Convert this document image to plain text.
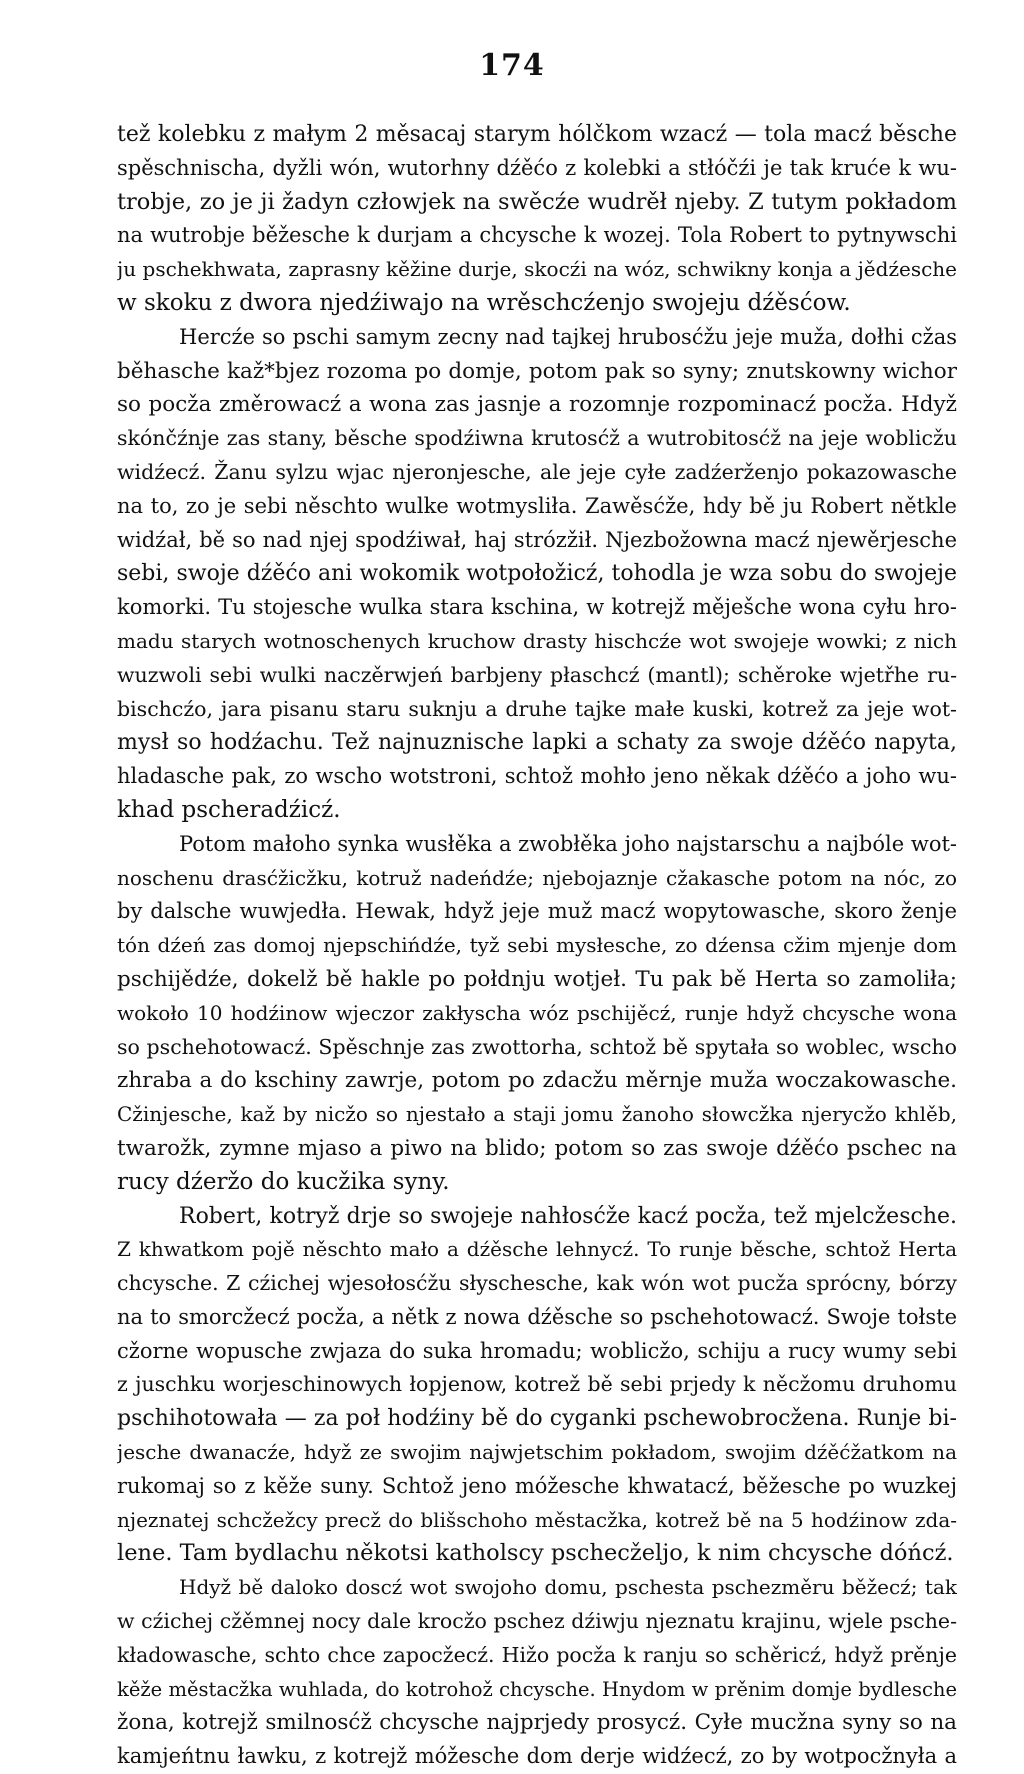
174
tež kolebku z małym 2 měsacaj starym hólčkom wzacź — tola macź běsche
spěschnischa, dyžli wón, wutorhny dźěćo z kolebki a stłóčźi je tak kruće k wu-
trobje, zo je ji žadyn człowjek na swěcźe wudrěł njeby. Z tutym pokładom
na wutrobje běžesche k durjam a chcysche k wozej. Tola Robert to pytnywschi
ju pschekhwata, zaprasny kěžine durje, skocźi na wóz, schwikny konja a jědźesche
w skoku z dwora njedźiwajo na wrěschcźenjo swojeju dźěsćow.
Hercźe so pschi samym zecny nad tajkej hrubosćžu jeje mužа, dołhi cžas
běhasche kaž*bjez rozoma po domje, potom pak so syny; znutskowny wichor
so pocža změrowacź a wona zas jasnje a rozomnje rozpominacź pocža. Hdyž
skónčźnje zas stany, běsche spodźiwna krutosćž a wutrobitosćž na jeje woblicžu
widźecź. Žanu sylzu wjac njeronjesche, ale jeje cyłe zadźerženjo pokazowasche
na to, zo je sebi něschto wulke wotmysliła. Zawěsćže, hdy bě ju Robert nětkle
widźał, bě so nad njej spodźiwał, haj strózžił. Njezbožowna macź njewěrjesche
sebi, swoje dźěćo ani wokomik wotpołožicź, tohodla je wza sobu do swojeje
komorki. Tu stojesche wulka stara kschina, w kotrejž měješche wona cyłu hro-
madu starych wotnoschenych kruchow drasty hischcźe wot swojeje wowki; z nich
wuzwoli sebi wulki naczěrwjeń barbjeny płaschcź (mantl); schěroke wjetřhe ru-
bischcźo, jara pisanu staru suknju a druhe tajke małe kuski, kotrež za jeje wot-
mysł so hodźachu. Tež najnuznische lapki a schaty za swoje dźěćo napyta,
hladasche pak, zo wscho wotstroni, schtož mohło jeno někak dźěćo a joho wu-
khad pscheradźicź.
Potom małoho synka wusłěka a zwobłěka joho najstarschu a najbóle wot-
noschenu drasćžicžku, kotruž nadeńdźe; njebojaznje cžakasche potom na nóc, zo
by dalsche wuwjedła. Hewak, hdyž jeje muž macź wopytowasche, skoro ženje
tón dźeń zas domoj njepschińdźe, tyž sebi mysłesche, zo dźensa cžim mjenje dom
pschijědźe, dokelž bě hakle po połdnju wotjeł. Tu pak bě Herta so zamoliła;
wokoło 10 hodźinow wjeczor zakłyscha wóz pschijěcź, runje hdyž chcysche wona
so pschehotowacź. Spěschnje zas zwottorha, schtož bě spytała so woblec, wscho
zhraba a do kschiny zawrje, potom po zdacžu měrnje mužа woczakowasche.
Cžinjesche, kaž by nicžo so njestało a staji jomu žanoho słowcžka njerycžo khlěb,
twarožk, zymne mjaso a piwo na blido; potom so zas swoje dźěćo pschec na
rucy dźeržo do kucžika syny.
Robert, kotryž drje so swojeje nahłosćže kacź pocža, tež mjelcžesche.
Z khwatkom pojě něschto mało a dźěsche lehnycź. To runje běsche, schtož Herta
chcysche. Z cźichej wjesołosćžu słyschesche, kak wón wot pucža sprócny, bórzy
na to smorcžecź pocža, a nětk z nowa dźěsche so pschehotowacź. Swoje tołste
cžorne wopusche zwjaza do suka hromadu; woblicžo, schiju a rucy wumy sebi
z juschku worjeschinowych łopjenow, kotrež bě sebi prjedy k něcžomu druhomu
pschihotowała — za poł hodźiny bě do cyganki pschewobrocžena. Runje bi-
jesche dwanacźe, hdyž ze swojim najwjetschim pokładom, swojim dźěćžatkom na
rukomaj so z kěže suny. Schtož jeno móžesche khwatacź, běžesche po wuzkej
njeznatej schcžežcy precž do blišschoho městacžka, kotrež bě na 5 hodźinow zda-
lene. Tam bydlachu někotsi katholscy pschecželjo, k nim chcysche dóńcź.
Hdyž bě daloko doscź wot swojoho domu, pschesta pschezměru běžecź; tak
w cźichej cžěmnej nocy dale krocžo pschez dźiwju njeznatu krajinu, wjele psche-
kładowasche, schto chce zapocžecź. Hižo pocža k ranju so schěricź, hdyž prěnje
kěže městacžka wuhlada, do kotrohož chcysche. Hnydom w prěnim domje bydlesche
žona, kotrejž smilnosćž chcysche najprjedy prosycź. Cyłe mucžna syny so na
kamjeńtnu ławku, z kotrejž móžesche dom derje widźecź, zo by wotpocžnyła a
